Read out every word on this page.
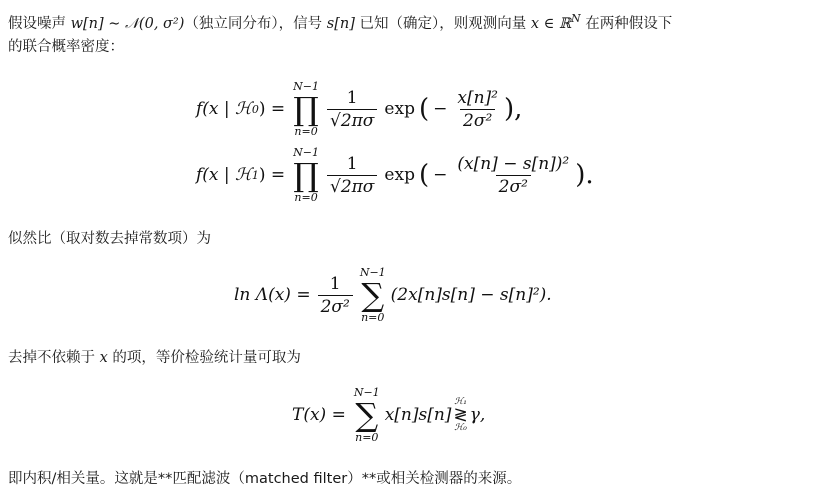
假设噪声 w[n] ∼ 𝒩(0, σ²)（独立同分布），信号 s[n] 已知（确定），则观测向量 x ∈ ℝ$^N$ 在两种假设下
的联合概率密度：
f(x | ℋ 0 ) =
N−1
∏
n=0
$\frac{1}{√2\pi\sigma}$ exp ( − $\frac{\text{x[n]²}}{\text{2σ²}}$ ),
f(x | ℋ 1 ) =
N−1
∏
n=0
$\frac{1}{√2\pi\sigma}$ exp ( − $\frac{\text{(x[n] − s[n])²}}{\text{2σ²}}$ ).
似然比（取对数去掉常数项）为
$\ln \Lambda(x) = \frac{1}{\text{2σ²}}$
N−1
∑
n=0
(2x[n]s[n] − s[n]²).
去掉不依赖于 x 的项，等价检验统计量可取为
T(x) =
N−1
∑
n=0
x[n]s[n]
ℋ₁
≷
ℋ₀
γ,
即内积/相关量。这就是**匹配滤波（matched filter）**或相关检测器的来源。
